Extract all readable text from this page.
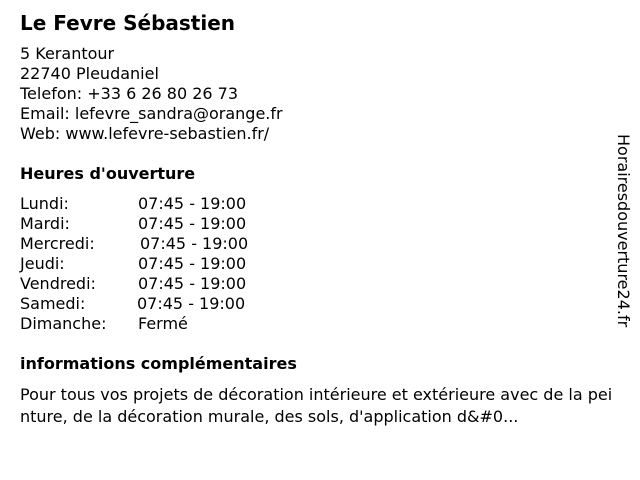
Le Fevre Sébastien
5 Kerantour
22740 Pleudaniel
Telefon: +33 6 26 80 26 73
Email: lefevre_sandra@orange.fr
Web: www.lefevre-sebastien.fr/
Heures d'ouverture
Lundi:	07:45 - 19:00
Mardi:	07:45 - 19:00
Mercredi:	07:45 - 19:00
Jeudi:	07:45 - 19:00
Vendredi:	07:45 - 19:00
Samedi:	07:45 - 19:00
Dimanche: Fermé
informations complémentaires
Pour tous vos projets de décoration intérieure et extérieure avec de la peinture, de la décoration murale, des sols, d'application d&#0...
Horairesdouverture24.fr
